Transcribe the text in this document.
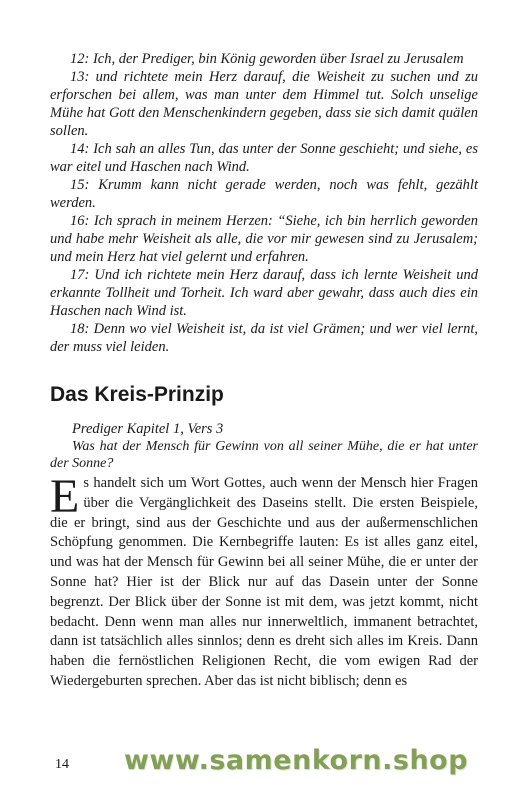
12: Ich, der Prediger, bin König geworden über Israel zu Jerusalem

13: und richtete mein Herz darauf, die Weisheit zu suchen und zu erforschen bei allem, was man unter dem Himmel tut. Solch unselige Mühe hat Gott den Menschenkindern gegeben, dass sie sich damit quälen sollen.

14: Ich sah an alles Tun, das unter der Sonne geschieht; und siehe, es war eitel und Haschen nach Wind.

15: Krumm kann nicht gerade werden, noch was fehlt, gezählt werden.

16: Ich sprach in meinem Herzen: “Siehe, ich bin herrlich geworden und habe mehr Weisheit als alle, die vor mir gewesen sind zu Jerusalem; und mein Herz hat viel gelernt und erfahren.

17: Und ich richtete mein Herz darauf, dass ich lernte Weisheit und erkannte Tollheit und Torheit. Ich ward aber gewahr, dass auch dies ein Haschen nach Wind ist.

18: Denn wo viel Weisheit ist, da ist viel Grämen; und wer viel lernt, der muss viel leiden.

Das Kreis-Prinzip

Prediger Kapitel 1, Vers 3

Was hat der Mensch für Gewinn von all seiner Mühe, die er hat unter der Sonne?

Es handelt sich um Wort Gottes, auch wenn der Mensch hier Fragen über die Vergänglichkeit des Daseins stellt. Die ersten Beispiele, die er bringt, sind aus der Geschichte und aus der außermenschlichen Schöpfung genommen. Die Kernbegriffe lauten: Es ist alles ganz eitel, und was hat der Mensch für Gewinn bei all seiner Mühe, die er unter der Sonne hat? Hier ist der Blick nur auf das Dasein unter der Sonne begrenzt. Der Blick über der Sonne ist mit dem, was jetzt kommt, nicht bedacht. Denn wenn man alles nur innerweltlich, immanent betrachtet, dann ist tatsächlich alles sinnlos; denn es dreht sich alles im Kreis. Dann haben die fernöstlichen Religionen Recht, die vom ewigen Rad der Wiedergeburten sprechen. Aber das ist nicht biblisch; denn es

14 www.samenkorn.shop
